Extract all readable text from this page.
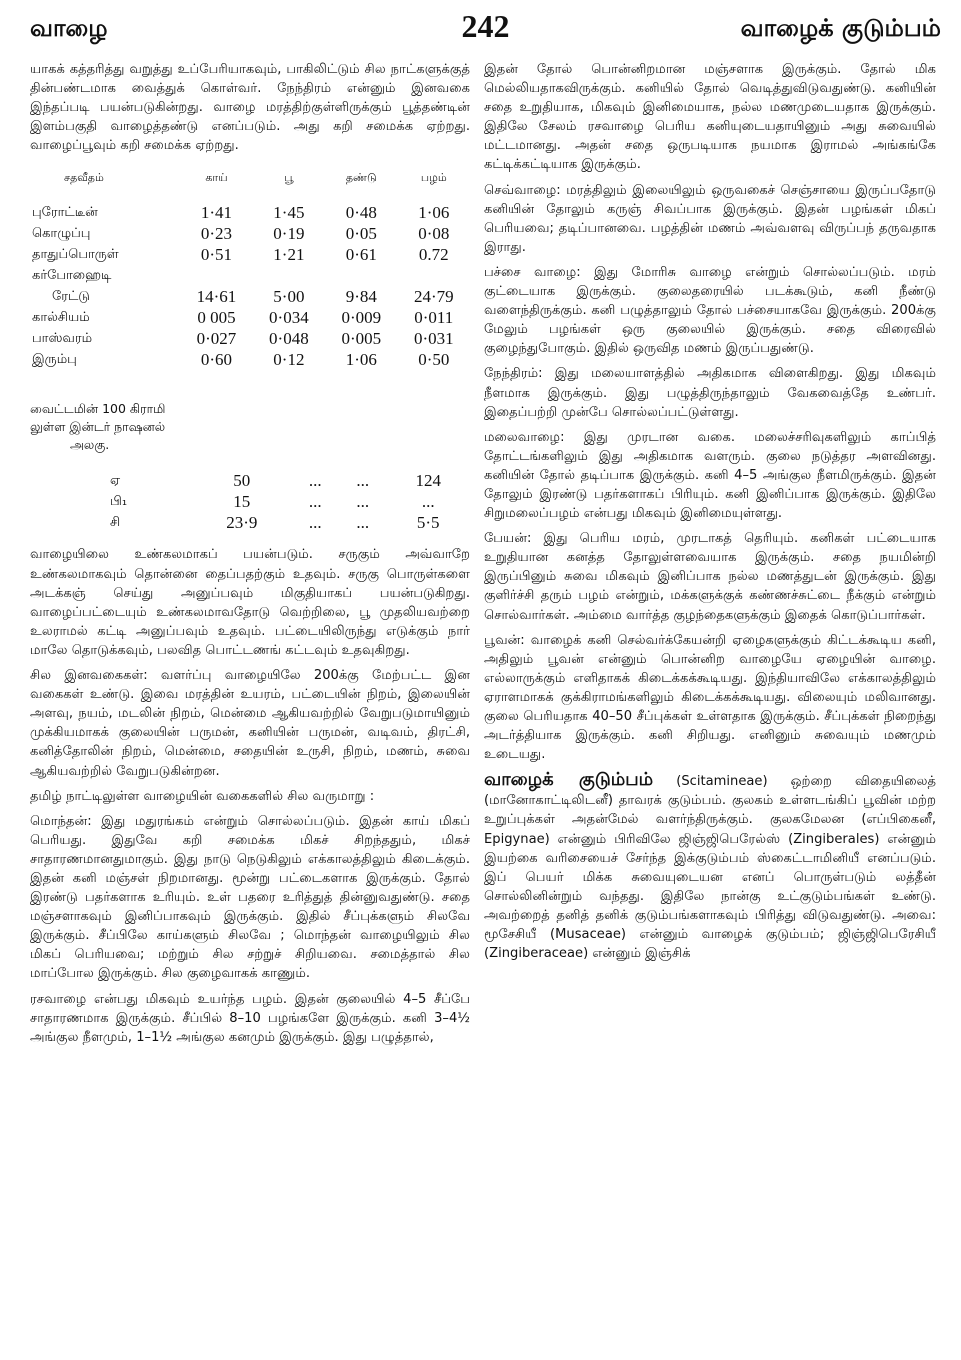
வாழை	242	வாழைக் குடும்பம்

யாகக் கத்தரித்து வறுத்து உப்பேரியாகவும், பாகிலிட்டும் சில நாட்களுக்குத் தின்பண்டமாக வைத்துக் கொள்வர். நேந்திரம் என்னும் இனவகை இந்தப்படி பயன்படுகின்றது. வாழை மரத்திற்குள்ளிருக்கும் பூத்தண்டின் இளம்பகுதி வாழைத்தண்டு எனப்படும். அது கறி சமைக்க ஏற்றது. வாழைப்பூவும் கறி சமைக்க ஏற்றது.

சதவீதம்	காய்	பூ	தண்டு	பழம்
புரோட்டீன்	1·41	1·45	0·48	1·06
கொழுப்பு	0·23	0·19	0·05	0·08
தாதுப்பொருள்	0·51	1·21	0·61	0.72
கர்போஹைடி				
ரேட்டு	14·61	5·00	9·84	24·79
கால்சியம்	0 005	0·034	0·009	0·011
பாஸ்வரம்	0·027	0·048	0·005	0·031
இரும்பு	0·60	0·12	1·06	0·50
வைட்டமின் 100 கிராமி
லுள்ள இன்டர் நாஷனல்
அலகு.
ஏ	50	...	...	124
பி₁	15	...	...	...
சி	23·9	...	...	5·5

வாழையிலை உண்கலமாகப் பயன்படும். சருகும் அவ்வாறே உண்கலமாகவும் தொன்னை தைப்பதற்கும் உதவும். சருகு பொருள்களை அடக்கஞ் செய்து அனுப்பவும் மிகுதியாகப் பயன்படுகிறது. வாழைப்பட்டையும் உண்கலமாவதோடு வெற்றிலை, பூ முதலியவற்றை உலராமல் கட்டி அனுப்பவும் உதவும். பட்டையிலிருந்து எடுக்கும் நார் மாலே தொடுக்கவும், பலவித பொட்டணங் கட்டவும் உதவுகிறது.

சில இனவகைகள்: வளர்ப்பு வாழையிலே 200க்கு மேற்பட்ட இன வகைகள் உண்டு. இவை மரத்தின் உயரம், பட்டையின் நிறம், இலையின் அளவு, நயம், மடலின் நிறம், மென்மை ஆகியவற்றில் வேறுபடுமாயினும் முக்கியமாகக் குலையின் பருமன், கனியின் பருமன், வடிவம், திரட்சி, கனித்தோலின் நிறம், மென்மை, சதையின் உருசி, நிறம், மணம், சுவை ஆகியவற்றில் வேறுபடுகின்றன.

தமிழ் நாட்டிலுள்ள வாழையின் வகைகளில் சில வருமாறு :

மொந்தன்: இது மதுரங்கம் என்றும் சொல்லப்படும். இதன் காய் மிகப் பெரியது. இதுவே கறி சமைக்க மிகச் சிறந்ததும், மிகச் சாதாரணமானதுமாகும். இது நாடு நெடுகிலும் எக்காலத்திலும் கிடைக்கும். இதன் கனி மஞ்சள் நிறமானது. மூன்று பட்டைகளாக இருக்கும். தோல் இரண்டு பதர்களாக உரியும். உள் பதரை உரித்துத் தின்னுவதுண்டு. சதை மஞ்சளாகவும் இனிப்பாகவும் இருக்கும். இதில் சீப்புக்களும் சிலவே இருக்கும். சீப்பிலே காய்களும் சிலவே ; மொந்தன் வாழையிலும் சில மிகப் பெரியவை; மற்றும் சில சற்றுச் சிறியவை. சமைத்தால் சில மாப்போல இருக்கும். சில குழைவாகக் காணும்.

ரசவாழை என்பது மிகவும் உயர்ந்த பழம். இதன் குலையில் 4–5 சீப்பே சாதாரணமாக இருக்கும். சீப்பில் 8–10 பழங்களே இருக்கும். கனி 3–4½ அங்குல நீளமும், 1–1½ அங்குல கனமும் இருக்கும். இது பழுத்தால்,

இதன் தோல் பொன்னிறமான மஞ்சளாக இருக்கும். தோல் மிக மெல்லியதாகவிருக்கும். கனியில் தோல் வெடித்துவிடுவதுண்டு. கனியின் சதை உறுதியாக, மிகவும் இனிமையாக, நல்ல மணமுடையதாக இருக்கும். இதிலே சேலம் ரசவாழை பெரிய கனியுடையதாயினும் அது சுவையில் மட்டமானது. அதன் சதை ஒருபடியாக நயமாக இராமல் அங்கங்கே கட்டிக்கட்டியாக இருக்கும்.

செவ்வாழை: மரத்திலும் இலையிலும் ஒருவகைச் செஞ்சாயை இருப்பதோடு கனியின் தோலும் கருஞ் சிவப்பாக இருக்கும். இதன் பழங்கள் மிகப் பெரியவை; தடிப்பானவை. பழத்தின் மணம் அவ்வளவு விருப்பந் தருவதாக இராது.

பச்சை வாழை: இது மோரிசு வாழை என்றும் சொல்லப்படும். மரம் குட்டையாக இருக்கும். குலைதரையில் படக்கூடும், கனி நீண்டு வளைந்திருக்கும். கனி பழுத்தாலும் தோல் பச்சையாகவே இருக்கும். 200க்கு மேலும் பழங்கள் ஒரு குலையில் இருக்கும். சதை விரைவில் குழைந்துபோகும். இதில் ஒருவித மணம் இருப்பதுண்டு.

நேந்திரம்: இது மலையாளத்தில் அதிகமாக விளைகிறது. இது மிகவும் நீளமாக இருக்கும். இது பழுத்திருந்தாலும் வேகவைத்தே உண்பர். இதைப்பற்றி முன்பே சொல்லப்பட்டுள்ளது.

மலைவாழை: இது முரடான வகை. மலைச்சரிவுகளிலும் காப்பித் தோட்டங்களிலும் இது அதிகமாக வளரும். குலை நடுத்தர அளவினது. கனியின் தோல் தடிப்பாக இருக்கும். கனி 4–5 அங்குல நீளமிருக்கும். இதன் தோலும் இரண்டு பதர்களாகப் பிரியும். கனி இனிப்பாக இருக்கும். இதிலே சிறுமலைப்பழம் என்பது மிகவும் இனிமையுள்ளது.

பேயன்: இது பெரிய மரம், முரடாகத் தெரியும். கனிகள் பட்டையாக உறுதியான கனத்த தோலுள்ளவையாக இருக்கும். சதை நயமின்றி இருப்பினும் சுவை மிகவும் இனிப்பாக நல்ல மணத்துடன் இருக்கும். இது குளிர்ச்சி தரும் பழம் என்றும், மக்களுக்குக் கண்ணச்சுட்டை நீக்கும் என்றும் சொல்வார்கள். அம்மை வார்த்த குழந்தைகளுக்கும் இதைக் கொடுப்பார்கள்.

பூவன்: வாழைக் கனி செல்வர்க்கேயன்றி ஏழைகளுக்கும் கிட்டக்கூடிய கனி, அதிலும் பூவன் என்னும் பொன்னிற வாழையே ஏழையின் வாழை. எல்லாருக்கும் எளிதாகக் கிடைக்கக்கூடியது. இந்தியாவிலே எக்காலத்திலும் ஏராளமாகக் குக்கிராமங்களிலும் கிடைக்கக்கூடியது. விலையும் மலிவானது. குலை பெரியதாக 40–50 சீப்புக்கள் உள்ளதாக இருக்கும். சீப்புக்கள் நிறைந்து அடர்த்தியாக இருக்கும். கனி சிறியது. எனினும் சுவையும் மணமும் உடையது.

வாழைக் குடும்பம் (Scitamineae) ஒற்றை விதையிலைத் (மானோகாட்டிலிடனீ) தாவரக் குடும்பம். குலகம் உள்ளடங்கிப் பூவின் மற்ற உறுப்புக்கள் அதன்மேல் வளர்ந்திருக்கும். குலகமேலன (எப்பிகைனீ, Epigynae) என்னும் பிரிவிலே ஜிஞ்ஜிபெரேல்ஸ் (Zingiberales) என்னும் இயற்கை வரிசையைச் சேர்ந்த இக்குடும்பம் ஸ்கைட்டாமினியீ எனப்படும். இப் பெயர் மிக்க சுவையுடையன எனப் பொருள்படும் லத்தீன் சொல்லினின்றும் வந்தது. இதிலே நான்கு உட்குடும்பங்கள் உண்டு. அவற்றைத் தனித் தனிக் குடும்பங்களாகவும் பிரித்து விடுவதுண்டு. அவை: மூசேசியீ (Musaceae) என்னும் வாழைக் குடும்பம்; ஜிஞ்ஜிபெரேசியீ (Zingiberaceae) என்னும் இஞ்சிக்
